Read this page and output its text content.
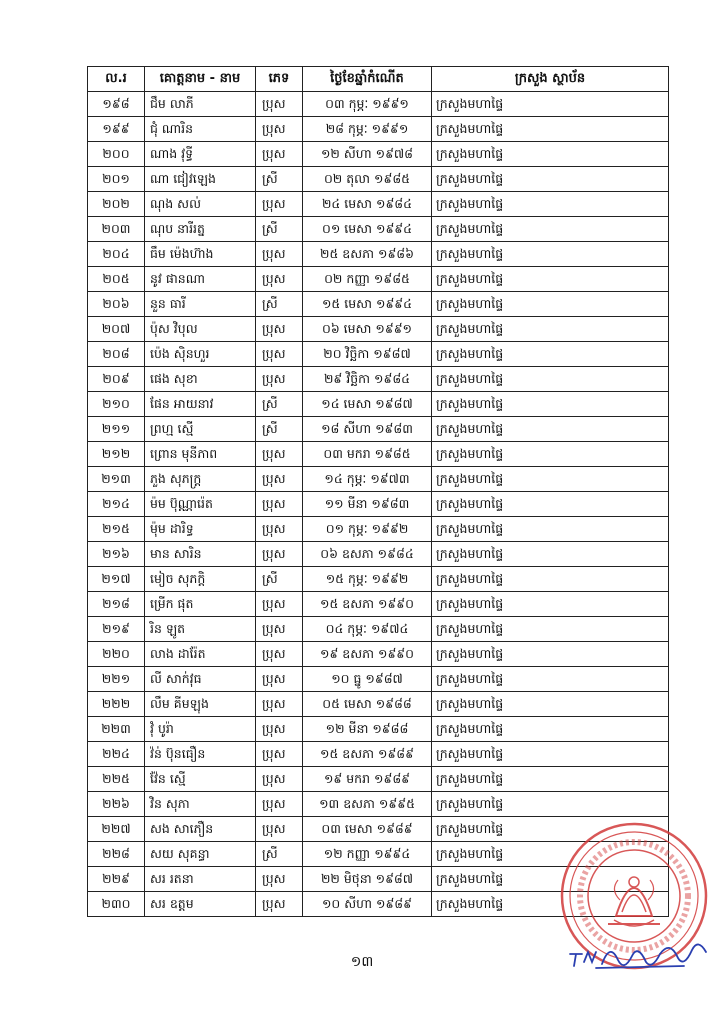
ល.រ	គោត្តនាម - នាម	ភេទ	ថ្ងៃខែឆ្នាំកំណើត	ក្រសួង ស្ថាប័ន
១៩៨	ជឹម លាភី	ប្រុស	០៣ កុម្ភៈ ១៩៩១	ក្រសួងមហាផ្ទៃ
១៩៩	ជុំ ណារិន	ប្រុស	២៨ កុម្ភៈ ១៩៩១	ក្រសួងមហាផ្ទៃ
២០០	ណាង វុទ្ធី	ប្រុស	១២ សីហា ១៩៧៨	ក្រសួងមហាផ្ទៃ
២០១	ណា ជៀវឡេង	ស្រី	០២ តុលា ១៩៨៥	ក្រសួងមហាផ្ទៃ
២០២	ណុង សល់	ប្រុស	២៤ មេសា ១៩៨៤	ក្រសួងមហាផ្ទៃ
២០៣	ណុប នារីរត្ន	ស្រី	០១ មេសា ១៩៩៤	ក្រសួងមហាផ្ទៃ
២០៤	ធឹម ម៉េងហ៊ាង	ប្រុស	២៥ ឧសភា ១៩៨៦	ក្រសួងមហាផ្ទៃ
២០៥	នូវ ផានណា	ប្រុស	០២ កញ្ញា ១៩៨៥	ក្រសួងមហាផ្ទៃ
២០៦	នួន ធារី	ស្រី	១៥ មេសា ១៩៩៤	ក្រសួងមហាផ្ទៃ
២០៧	ប៉ុស វិបុល	ប្រុស	០៦ មេសា ១៩៩១	ក្រសួងមហាផ្ទៃ
២០៨	ប៉េង ស៊ិនហួរ	ប្រុស	២០ វិច្ឆិកា ១៩៨៧	ក្រសួងមហាផ្ទៃ
២០៩	ផេង សុខា	ប្រុស	២៩ វិច្ឆិកា ១៩៨៤	ក្រសួងមហាផ្ទៃ
២១០	ផែន អាយនាវ	ស្រី	១៤ មេសា ១៩៨៧	ក្រសួងមហាផ្ទៃ
២១១	ព្រហ្ម ស្មើ	ស្រី	១៨ សីហា ១៩៨៣	ក្រសួងមហាផ្ទៃ
២១២	ព្រោន មុនីភាព	ប្រុស	០៣ មករា ១៩៨៥	ក្រសួងមហាផ្ទៃ
២១៣	ភួង សុភក្រ្ត	ប្រុស	១៤ កុម្ភៈ ១៩៧៣	ក្រសួងមហាផ្ទៃ
២១៤	ម៉ម ប៊ុណ្ណារ៉េត	ប្រុស	១១ មីនា ១៩៨៣	ក្រសួងមហាផ្ទៃ
២១៥	ម៉ុម ដារិទ្ធ	ប្រុស	០១ កុម្ភៈ ១៩៩២	ក្រសួងមហាផ្ទៃ
២១៦	មាន សារិន	ប្រុស	០៦ ឧសភា ១៩៨៤	ក្រសួងមហាផ្ទៃ
២១៧	មៀច សុភក្តិ	ស្រី	១៥ កុម្ភៈ ១៩៩២	ក្រសួងមហាផ្ទៃ
២១៨	ម្រើក ផុត	ប្រុស	១៥ ឧសភា ១៩៩០	ក្រសួងមហាផ្ទៃ
២១៩	រិន ឡូត	ប្រុស	០៤ កុម្ភៈ ១៩៧៤	ក្រសួងមហាផ្ទៃ
២២០	លាង ដារ៉ែត	ប្រុស	១៩ ឧសភា ១៩៩០	ក្រសួងមហាផ្ទៃ
២២១	លី សាក់វុធ	ប្រុស	១០ ធ្នូ ១៩៨៧	ក្រសួងមហាផ្ទៃ
២២២	លឹម គីមឡុង	ប្រុស	០៥ មេសា ១៩៨៨	ក្រសួងមហាផ្ទៃ
២២៣	វ៉ំ បូរ៉ា	ប្រុស	១២ មីនា ១៩៨៨	ក្រសួងមហាផ្ទៃ
២២៤	វ៉ន់ ប៊ុនធឿន	ប្រុស	១៥ ឧសភា ១៩៨៩	ក្រសួងមហាផ្ទៃ
២២៥	វ៉ែន ស្មើ	ប្រុស	១៩ មករា ១៩៨៩	ក្រសួងមហាផ្ទៃ
២២៦	វិន សុភា	ប្រុស	១៣ ឧសភា ១៩៩៥	ក្រសួងមហាផ្ទៃ
២២៧	សង សាភឿន	ប្រុស	០៣ មេសា ១៩៨៩	ក្រសួងមហាផ្ទៃ
២២៨	សយ សុគន្ធា	ស្រី	១២ កញ្ញា ១៩៩៤	ក្រសួងមហាផ្ទៃ
២២៩	សរ រតនា	ប្រុស	២២ មិថុនា ១៩៨៧	ក្រសួងមហាផ្ទៃ
២៣០	សរ ឧត្តម	ប្រុស	១០ សីហា ១៩៨៩	ក្រសួងមហាផ្ទៃ
១៣
